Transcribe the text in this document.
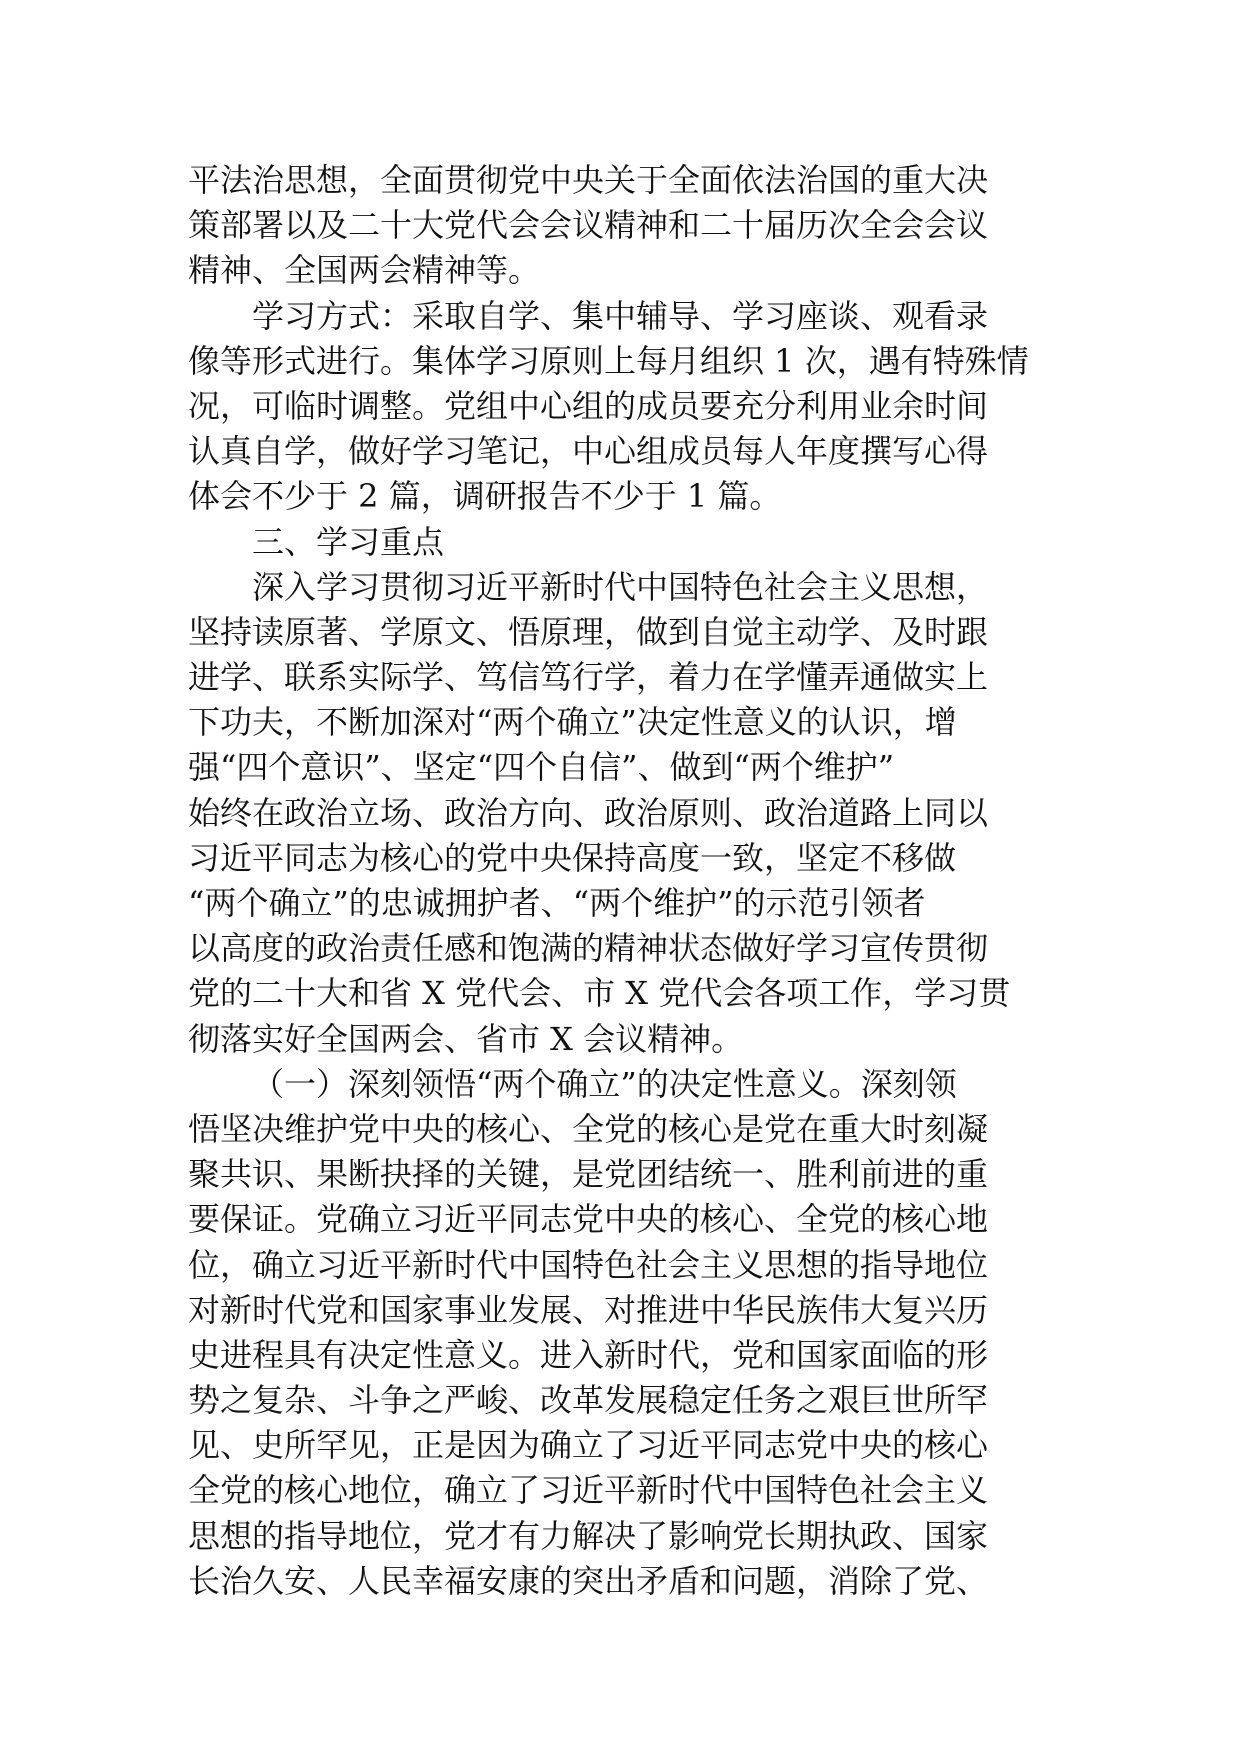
平法治思想，全面贯彻党中央关于全面依法治国的重大决
策部署以及二十大党代会会议精神和二十届历次全会会议
精神、全国两会精神等。
学习方式：采取自学、集中辅导、学习座谈、观看录
像等形式进行。集体学习原则上每月组织 1 次，遇有特殊情
况，可临时调整。党组中心组的成员要充分利用业余时间
认真自学，做好学习笔记，中心组成员每人年度撰写心得
体会不少于 2 篇，调研报告不少于 1 篇。
三、学习重点
深入学习贯彻习近平新时代中国特色社会主义思想，
坚持读原著、学原文、悟原理，做到自觉主动学、及时跟
进学、联系实际学、笃信笃行学，着力在学懂弄通做实上
下功夫，不断加深对“两个确立”决定性意义的认识，增
强“四个意识”、坚定“四个自信”、做到“两个维护”
始终在政治立场、政治方向、政治原则、政治道路上同以
习近平同志为核心的党中央保持高度一致，坚定不移做
“两个确立”的忠诚拥护者、“两个维护”的示范引领者
以高度的政治责任感和饱满的精神状态做好学习宣传贯彻
党的二十大和省 X 党代会、市 X 党代会各项工作，学习贯
彻落实好全国两会、省市 X 会议精神。
（一）深刻领悟“两个确立”的决定性意义。深刻领
悟坚决维护党中央的核心、全党的核心是党在重大时刻凝
聚共识、果断抉择的关键，是党团结统一、胜利前进的重
要保证。党确立习近平同志党中央的核心、全党的核心地
位，确立习近平新时代中国特色社会主义思想的指导地位
对新时代党和国家事业发展、对推进中华民族伟大复兴历
史进程具有决定性意义。进入新时代，党和国家面临的形
势之复杂、斗争之严峻、改革发展稳定任务之艰巨世所罕
见、史所罕见，正是因为确立了习近平同志党中央的核心
全党的核心地位，确立了习近平新时代中国特色社会主义
思想的指导地位，党才有力解决了影响党长期执政、国家
长治久安、人民幸福安康的突出矛盾和问题，消除了党、
